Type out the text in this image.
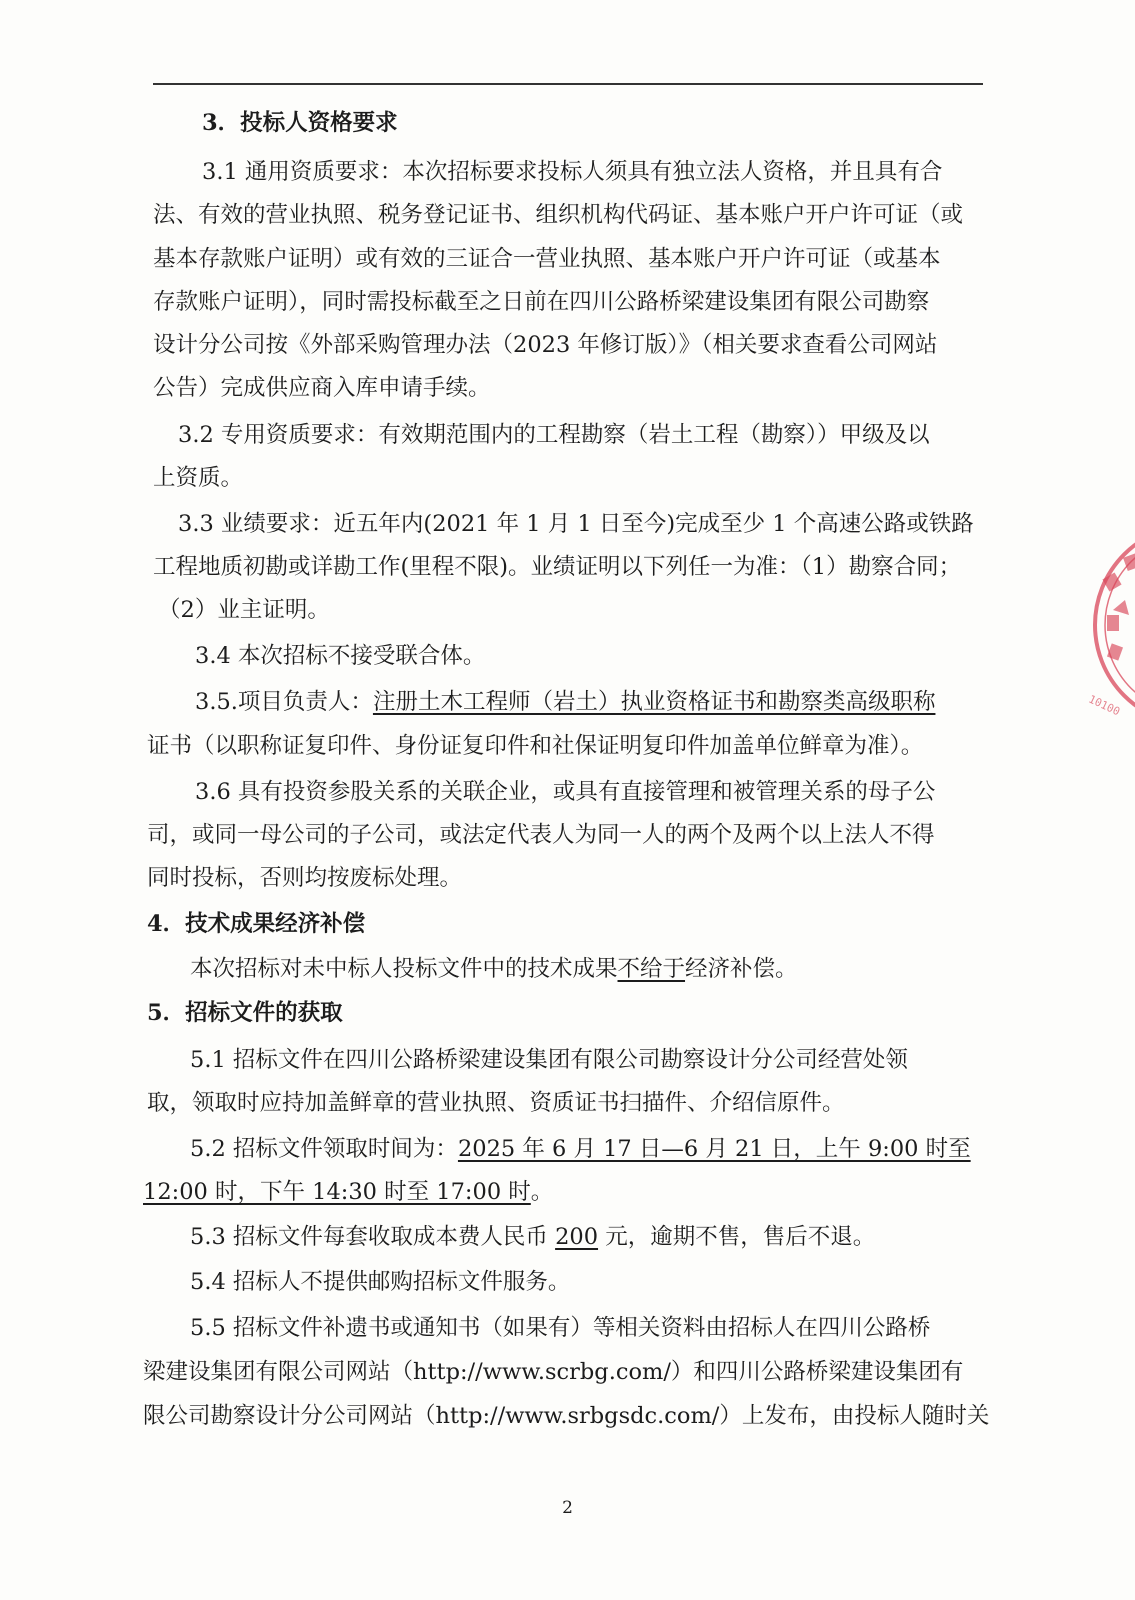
3．投标人资格要求
3.1 通用资质要求：本次招标要求投标人须具有独立法人资格，并且具有合
法、有效的营业执照、税务登记证书、组织机构代码证、基本账户开户许可证（或
基本存款账户证明）或有效的三证合一营业执照、基本账户开户许可证（或基本
存款账户证明），同时需投标截至之日前在四川公路桥梁建设集团有限公司勘察
设计分公司按《外部采购管理办法（2023 年修订版）》（相关要求查看公司网站
公告）完成供应商入库申请手续。
3.2 专用资质要求：有效期范围内的工程勘察（岩土工程（勘察））甲级及以
上资质。
3.3 业绩要求：近五年内(2021 年 1 月 1 日至今)完成至少 1 个高速公路或铁路
工程地质初勘或详勘工作(里程不限)。业绩证明以下列任一为准：（1）勘察合同；
（2）业主证明。
3.4 本次招标不接受联合体。
3.5.项目负责人：注册土木工程师（岩土）执业资格证书和勘察类高级职称
证书（以职称证复印件、身份证复印件和社保证明复印件加盖单位鲜章为准）。
3.6 具有投资参股关系的关联企业，或具有直接管理和被管理关系的母子公
司，或同一母公司的子公司，或法定代表人为同一人的两个及两个以上法人不得
同时投标，否则均按废标处理。
4．技术成果经济补偿
本次招标对未中标人投标文件中的技术成果不给于经济补偿。
5．招标文件的获取
5.1 招标文件在四川公路桥梁建设集团有限公司勘察设计分公司经营处领
取，领取时应持加盖鲜章的营业执照、资质证书扫描件、介绍信原件。
5.2 招标文件领取时间为：2025 年 6 月 17 日—6 月 21 日，上午 9:00 时至
12:00 时，下午 14:30 时至 17:00 时。
5.3 招标文件每套收取成本费人民币 200 元，逾期不售，售后不退。
5.4 招标人不提供邮购招标文件服务。
5.5 招标文件补遗书或通知书（如果有）等相关资料由招标人在四川公路桥
梁建设集团有限公司网站（http://www.scrbg.com/）和四川公路桥梁建设集团有
限公司勘察设计分公司网站（http://www.srbgsdc.com/）上发布，由投标人随时关
2
10100
